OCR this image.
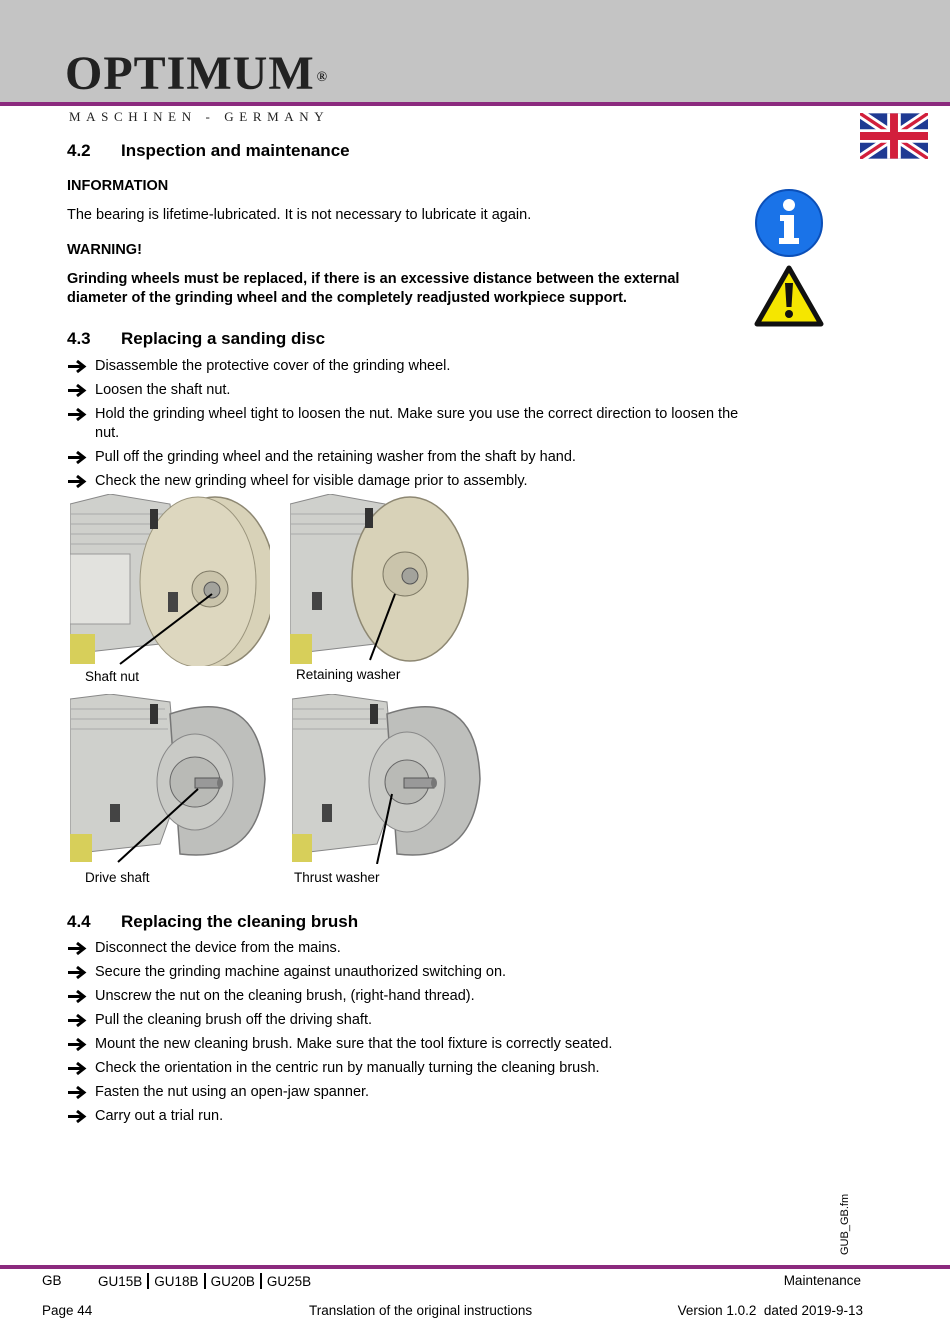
OPTIMUM ®
MASCHINEN - GERMANY
4.2 Inspection and maintenance
INFORMATION
The bearing is lifetime-lubricated. It is not necessary to lubricate it again.
WARNING!
Grinding wheels must be replaced, if there is an excessive distance between the external
diameter of the grinding wheel and the completely readjusted workpiece support.
4.3 Replacing a sanding disc
Disassemble the protective cover of the grinding wheel.
Loosen the shaft nut.
Hold the grinding wheel tight to loosen the nut. Make sure you use the correct direction to loosen the nut.
Pull off the grinding wheel and the retaining washer from the shaft by hand.
Check the new grinding wheel for visible damage prior to assembly.
Shaft nut	Retaining washer
Drive shaft	Thrust washer
4.4 Replacing the cleaning brush
Disconnect the device from the mains.
Secure the grinding machine against unauthorized switching on.
Unscrew the nut on the cleaning brush, (right-hand thread).
Pull the cleaning brush off the driving shaft.
Mount the new cleaning brush. Make sure that the tool fixture is correctly seated.
Check the orientation in the centric run by manually turning the cleaning brush.
Fasten the nut using an open-jaw spanner.
Carry out a trial run.
GUB_GB.fm
GB	GU15B GU18B GU20B GU25B	Maintenance
Page 44	Translation of the original instructions	Version 1.0.2  dated 2019-9-13
